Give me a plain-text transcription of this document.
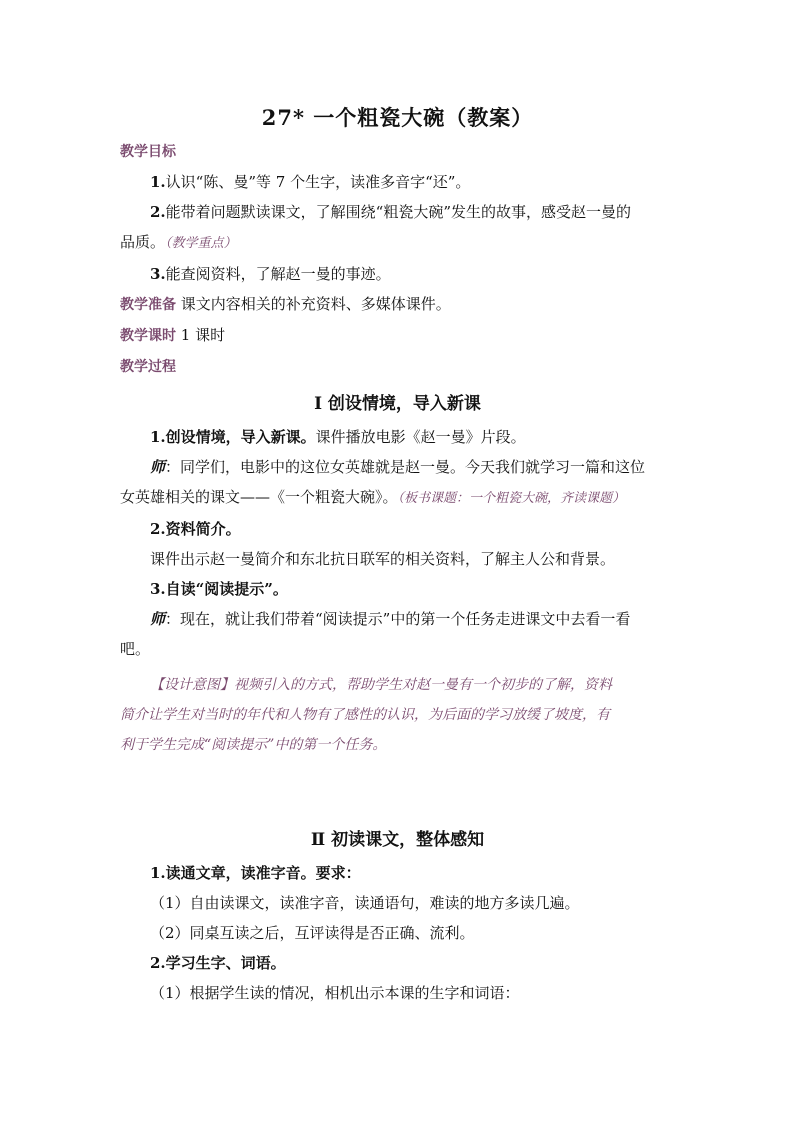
27* 一个粗瓷大碗（教案）

教学目标

1.认识“陈、曼”等 7 个生字，读准多音字“还”。

2.能带着问题默读课文，了解围绕“粗瓷大碗”发生的故事，感受赵一曼的

品质。（教学重点）

3.能查阅资料，了解赵一曼的事迹。

教学准备 课文内容相关的补充资料、多媒体课件。

教学课时 1 课时

教学过程

Ⅰ 创设情境，导入新课

1.创设情境，导入新课。课件播放电影《赵一曼》片段。

师：同学们，电影中的这位女英雄就是赵一曼。今天我们就学习一篇和这位

女英雄相关的课文——《一个粗瓷大碗》。（板书课题：一个粗瓷大碗，齐读课题）

2.资料简介。

课件出示赵一曼简介和东北抗日联军的相关资料，了解主人公和背景。

3.自读“阅读提示”。

师：现在，就让我们带着“阅读提示”中的第一个任务走进课文中去看一看

吧。

【设计意图】视频引入的方式，帮助学生对赵一曼有一个初步的了解，资料

简介让学生对当时的年代和人物有了感性的认识，为后面的学习放缓了坡度，有

利于学生完成“阅读提示”中的第一个任务。

Ⅱ 初读课文，整体感知

1.读通文章，读准字音。要求：

（1）自由读课文，读准字音，读通语句，难读的地方多读几遍。

（2）同桌互读之后，互评读得是否正确、流利。

2.学习生字、词语。

（1）根据学生读的情况，相机出示本课的生字和词语：
